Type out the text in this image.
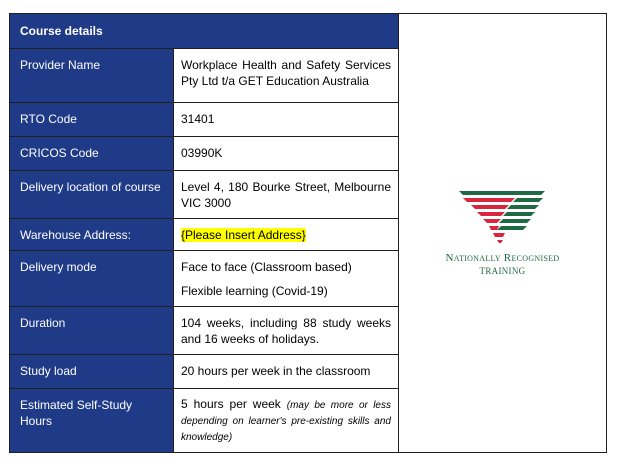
Course details		NATIONALLY RECOGNISED
TRAINING

Provider Name	Workplace Health and Safety Services Pty Ltd t/a GET Education Australia	
RTO Code	31401	
CRICOS Code	03990K	
Delivery location of course	Level 4, 180 Bourke Street, Melbourne VIC 3000	
Warehouse Address:	{Please Insert Address}	
Delivery mode	Face to face (Classroom based)
Flexible learning (Covid-19)	

Duration	104 weeks, including 88 study weeks and 16 weeks of holidays.	
Study load	20 hours per week in the classroom	
Estimated Self-Study Hours	5 hours per week (may be more or less depending on learner's pre-existing skills and knowledge)	
